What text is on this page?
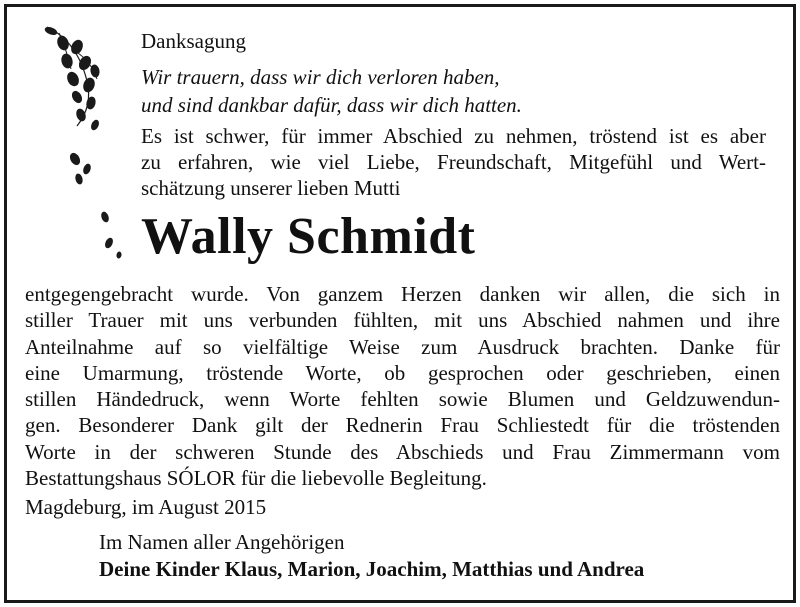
Danksagung
Wir trauern, dass wir dich verloren haben,
und sind dankbar dafür, dass wir dich hatten.
Es ist schwer, für immer Abschied zu nehmen, tröstend ist es aber
zu erfahren, wie viel Liebe, Freundschaft, Mitgefühl und Wert-
schätzung unserer lieben Mutti
Wally Schmidt
entgegengebracht wurde. Von ganzem Herzen danken wir allen, die sich in
stiller Trauer mit uns verbunden fühlten, mit uns Abschied nahmen und ihre
Anteilnahme auf so vielfältige Weise zum Ausdruck brachten. Danke für
eine Umarmung, tröstende Worte, ob gesprochen oder geschrieben, einen
stillen Händedruck, wenn Worte fehlten sowie Blumen und Geldzuwendun-
gen. Besonderer Dank gilt der Rednerin Frau Schliestedt für die tröstenden
Worte in der schweren Stunde des Abschieds und Frau Zimmermann vom
Bestattungshaus SÓLOR für die liebevolle Begleitung.
Magdeburg, im August 2015
Im Namen aller Angehörigen
Deine Kinder Klaus, Marion, Joachim, Matthias und Andrea
